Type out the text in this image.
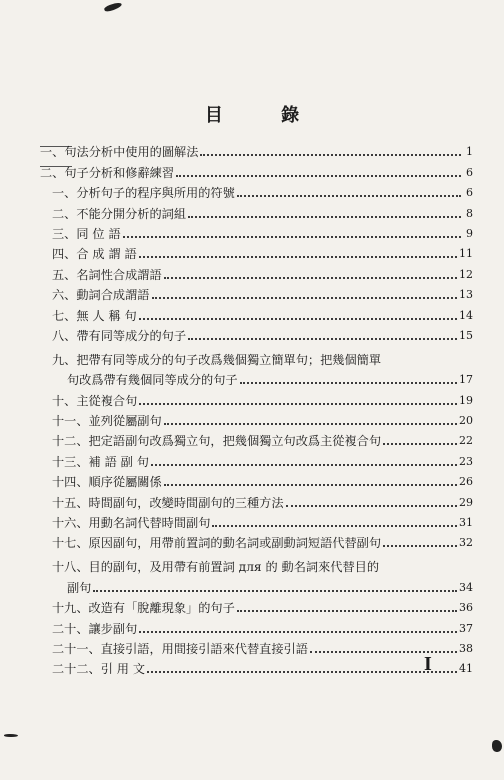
目 錄
一、句法分析中使用的圖解法	1
二、句子分析和修辭練習	6
一、分析句子的程序與所用的符號	6
二、不能分開分析的詞組	8
三、同 位 語	9
四、合 成 謂 語	11
五、名詞性合成謂語	12
六、動詞合成謂語	13
七、無 人 稱 句	14
八、帶有同等成分的句子	15
九、把帶有同等成分的句子改爲幾個獨立簡單句；把幾個簡單
句改爲帶有幾個同等成分的句子	17
十、主從複合句	19
十一、並列從屬副句	20
十二、把定語副句改爲獨立句，把幾個獨立句改爲主從複合句	22
十三、補 語 副 句	23
十四、順序從屬關係	26
十五、時間副句，改變時間副句的三種方法	29
十六、用動名詞代替時間副句	31
十七、原因副句，用帶前置詞的動名詞或副動詞短語代替副句	32
十八、目的副句，及用帶有前置詞 для 的 動名詞來代替目的
副句	34
十九、改造有「脫離現象」的句子	36
二十、讓步副句	37
二十一、直接引語，用間接引語來代替直接引語	38
二十二、引 用 文	41
I
